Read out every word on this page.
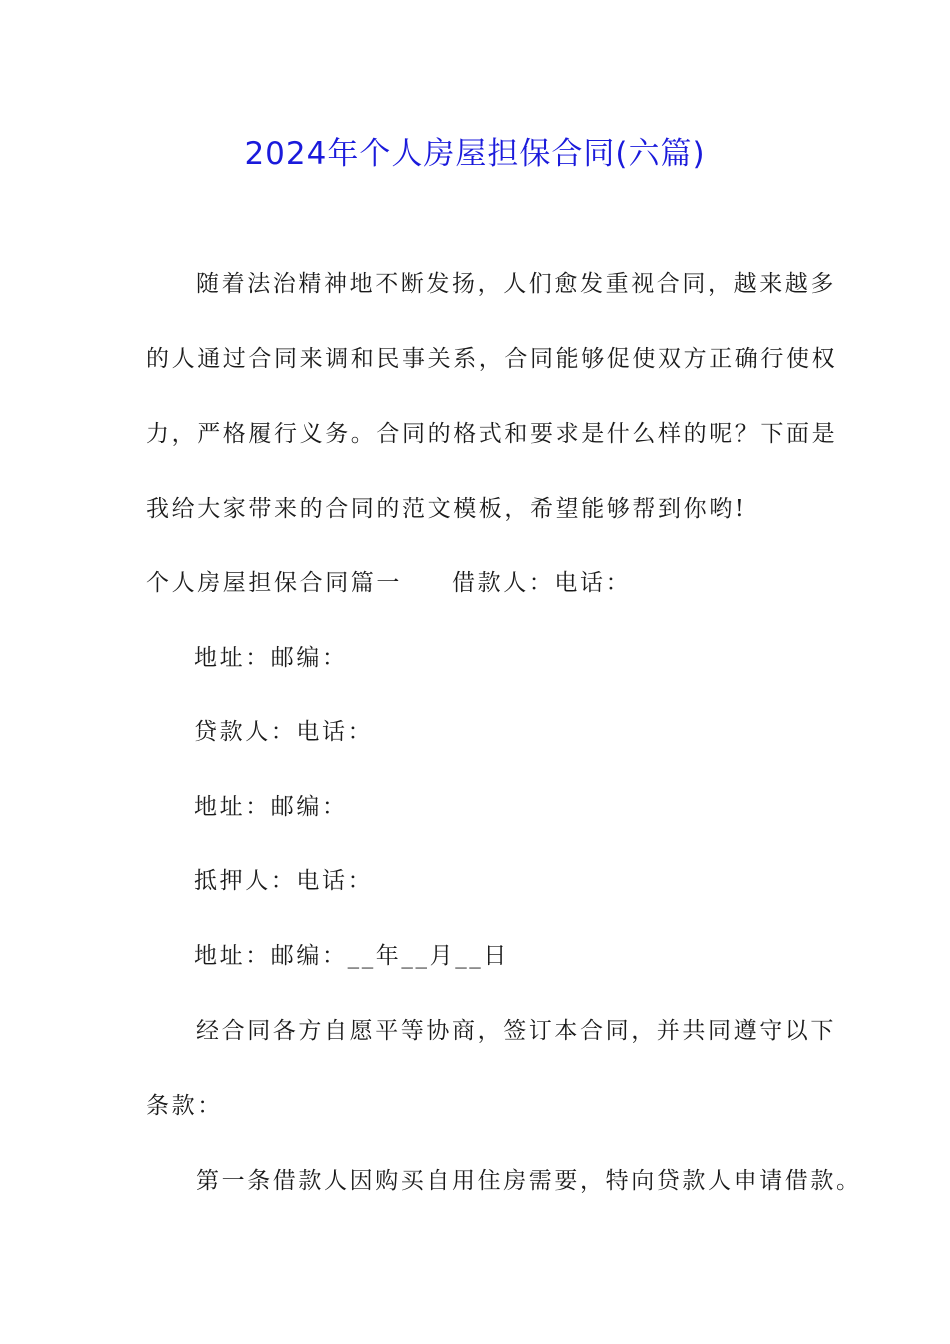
2024年个人房屋担保合同(六篇)
随着法治精神地不断发扬，人们愈发重视合同，越来越多
的人通过合同来调和民事关系，合同能够促使双方正确行使权
力，严格履行义务。合同的格式和要求是什么样的呢？下面是
我给大家带来的合同的范文模板，希望能够帮到你哟!
个人房屋担保合同篇一 借款人：电话：
地址：邮编：
贷款人：电话：
地址：邮编：
抵押人：电话：
地址：邮编：__年__月__日
经合同各方自愿平等协商，签订本合同，并共同遵守以下
条款：
第一条借款人因购买自用住房需要，特向贷款人申请借款。
